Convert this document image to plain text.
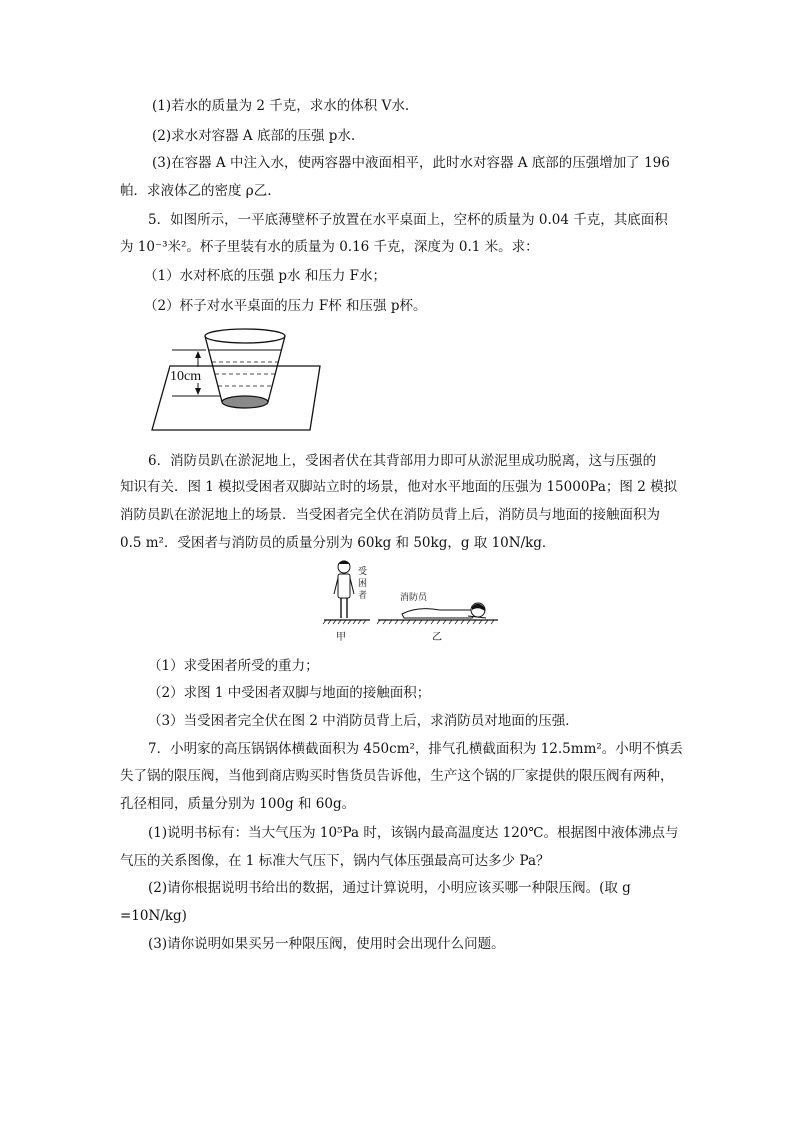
(1)若水的质量为 2 千克，求水的体积 V水.
(2)求水对容器 A 底部的压强 p水.
(3)在容器 A 中注入水，使两容器中液面相平，此时水对容器 A 底部的压强增加了 196
帕．求液体乙的密度 ρ乙.
5．如图所示，一平底薄壁杯子放置在水平桌面上，空杯的质量为 0.04 千克，其底面积
为 10⁻³米²。杯子里装有水的质量为 0.16 千克，深度为 0.1 米。求：
（1）水对杯底的压强 p水 和压力 F水；
（2）杯子对水平桌面的压力 F杯 和压强 p杯。
10cm
6．消防员趴在淤泥地上，受困者伏在其背部用力即可从淤泥里成功脱离，这与压强的
知识有关．图 1 模拟受困者双脚站立时的场景，他对水平地面的压强为 15000Pa；图 2 模拟
消防员趴在淤泥地上的场景．当受困者完全伏在消防员背上后，消防员与地面的接触面积为
0.5 m²．受困者与消防员的质量分别为 60kg 和 50kg，g 取 10N/kg．
受
困
者	消防员
甲	乙
（1）求受困者所受的重力；
（2）求图 1 中受困者双脚与地面的接触面积；
（3）当受困者完全伏在图 2 中消防员背上后，求消防员对地面的压强．
7．小明家的高压锅锅体横截面积为 450cm²，排气孔横截面积为 12.5mm²。小明不慎丢
失了锅的限压阀，当他到商店购买时售货员告诉他，生产这个锅的厂家提供的限压阀有两种，
孔径相同，质量分别为 100g 和 60g。
(1)说明书标有：当大气压为 10⁵Pa 时，该锅内最高温度达 120℃。根据图中液体沸点与
气压的关系图像，在 1 标准大气压下，锅内气体压强最高可达多少 Pa？
(2)请你根据说明书给出的数据，通过计算说明，小明应该买哪一种限压阀。(取 g
=10N/kg)
(3)请你说明如果买另一种限压阀，使用时会出现什么问题。
